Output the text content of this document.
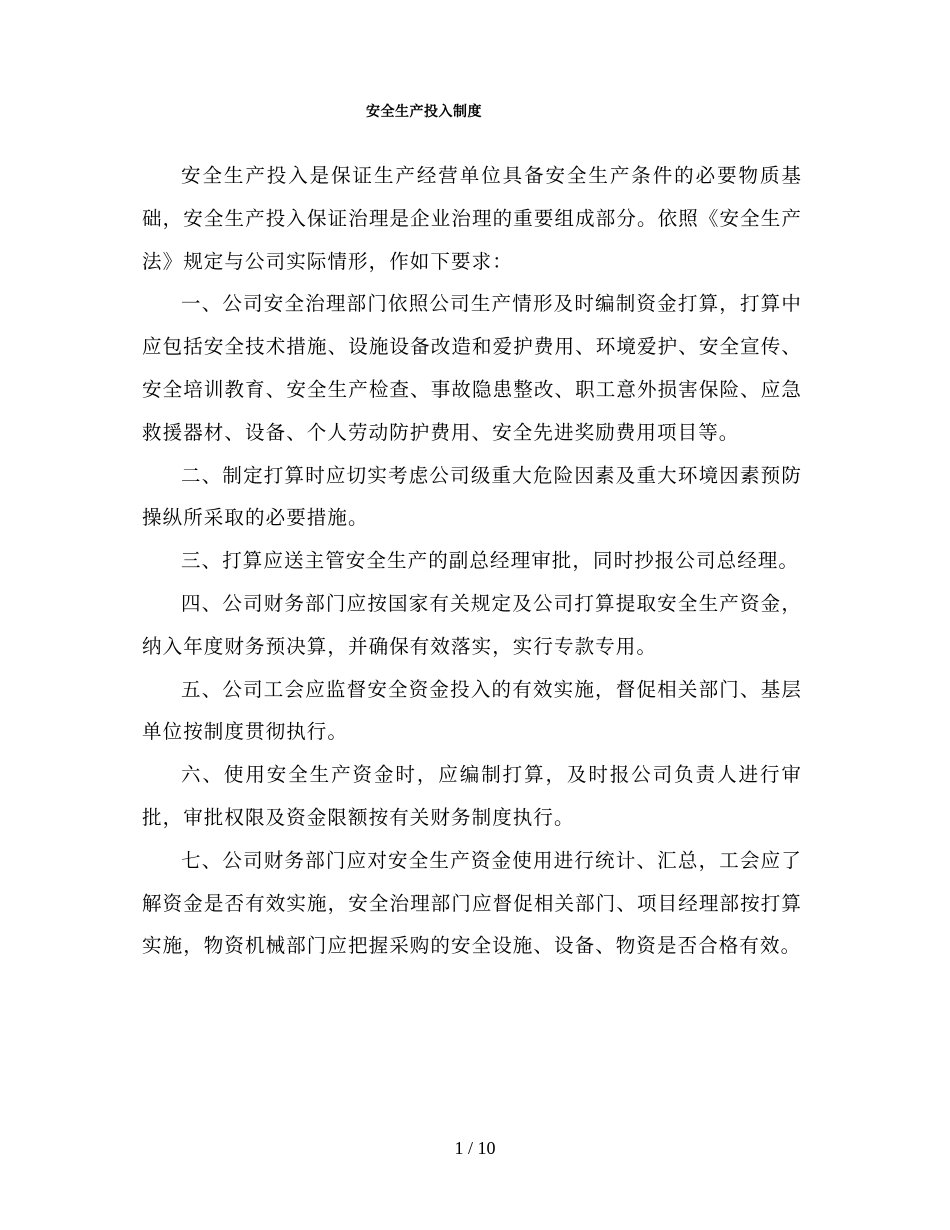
安全生产投入制度

安全生产投入是保证生产经营单位具备安全生产条件的必要物质基础，安全生产投入保证治理是企业治理的重要组成部分。依照《安全生产法》规定与公司实际情形，作如下要求：

一、公司安全治理部门依照公司生产情形及时编制资金打算，打算中应包括安全技术措施、设施设备改造和爱护费用、环境爱护、安全宣传、安全培训教育、安全生产检查、事故隐患整改、职工意外损害保险、应急救援器材、设备、个人劳动防护费用、安全先进奖励费用项目等。

二、制定打算时应切实考虑公司级重大危险因素及重大环境因素预防操纵所采取的必要措施。

三、打算应送主管安全生产的副总经理审批，同时抄报公司总经理。

四、公司财务部门应按国家有关规定及公司打算提取安全生产资金，纳入年度财务预决算，并确保有效落实，实行专款专用。

五、公司工会应监督安全资金投入的有效实施，督促相关部门、基层单位按制度贯彻执行。

六、使用安全生产资金时，应编制打算，及时报公司负责人进行审批，审批权限及资金限额按有关财务制度执行。

七、公司财务部门应对安全生产资金使用进行统计、汇总，工会应了解资金是否有效实施，安全治理部门应督促相关部门、项目经理部按打算实施，物资机械部门应把握采购的安全设施、设备、物资是否合格有效。

1 / 10
